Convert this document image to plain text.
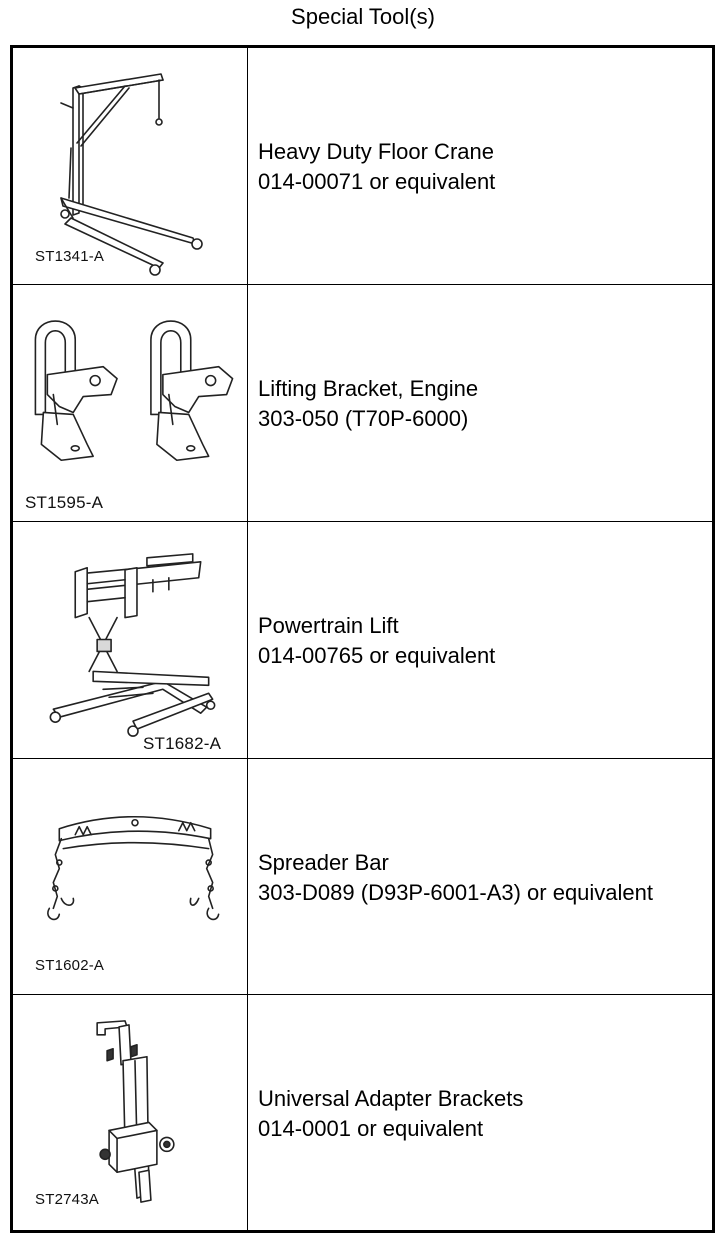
Special Tool(s)
ST1341-A
Heavy Duty Floor Crane
014-00071 or equivalent
ST1595-A
Lifting Bracket, Engine
303-050 (T70P-6000)
ST1682-A
Powertrain Lift
014-00765 or equivalent
ST1602-A
Spreader Bar
303-D089 (D93P-6001-A3) or equivalent
ST2743A
Universal Adapter Brackets
014-0001 or equivalent
